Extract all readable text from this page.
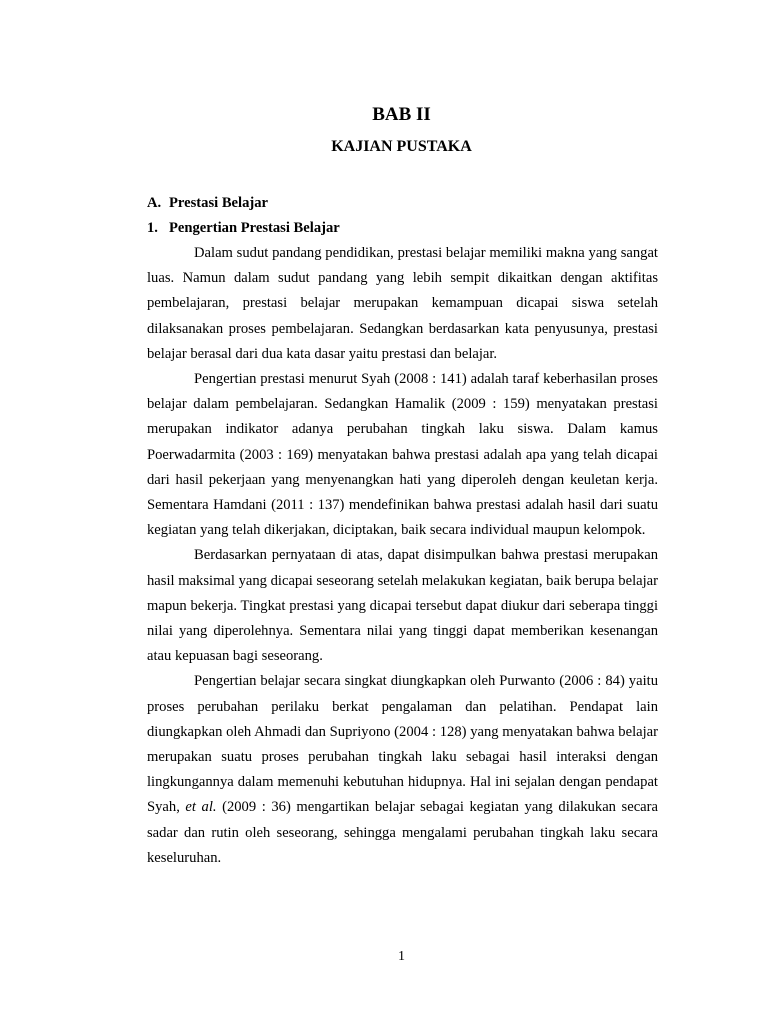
BAB II
KAJIAN PUSTAKA
A. Prestasi Belajar
1. Pengertian Prestasi Belajar

Dalam sudut pandang pendidikan, prestasi belajar memiliki makna yang sangat luas. Namun dalam sudut pandang yang lebih sempit dikaitkan dengan aktifitas pembelajaran, prestasi belajar merupakan kemampuan dicapai siswa setelah dilaksanakan proses pembelajaran. Sedangkan berdasarkan kata penyusunya, prestasi belajar berasal dari dua kata dasar yaitu prestasi dan belajar.

Pengertian prestasi menurut Syah (2008 : 141) adalah taraf keberhasilan proses belajar dalam pembelajaran. Sedangkan Hamalik (2009 : 159) menyatakan prestasi merupakan indikator adanya perubahan tingkah laku siswa. Dalam kamus Poerwadarmita (2003 : 169) menyatakan bahwa prestasi adalah apa yang telah dicapai dari hasil pekerjaan yang menyenangkan hati yang diperoleh dengan keuletan kerja. Sementara Hamdani (2011 : 137) mendefinikan bahwa prestasi adalah hasil dari suatu kegiatan yang telah dikerjakan, diciptakan, baik secara individual maupun kelompok.

Berdasarkan pernyataan di atas, dapat disimpulkan bahwa prestasi merupakan hasil maksimal yang dicapai seseorang setelah melakukan kegiatan, baik berupa belajar mapun bekerja. Tingkat prestasi yang dicapai tersebut dapat diukur dari seberapa tinggi nilai yang diperolehnya. Sementara nilai yang tinggi dapat memberikan kesenangan atau kepuasan bagi seseorang.

Pengertian belajar secara singkat diungkapkan oleh Purwanto (2006 : 84) yaitu proses perubahan perilaku berkat pengalaman dan pelatihan. Pendapat lain diungkapkan oleh Ahmadi dan Supriyono (2004 : 128) yang menyatakan bahwa belajar merupakan suatu proses perubahan tingkah laku sebagai hasil interaksi dengan lingkungannya dalam memenuhi kebutuhan hidupnya. Hal ini sejalan dengan pendapat Syah, et al. (2009 : 36) mengartikan belajar sebagai kegiatan yang dilakukan secara sadar dan rutin oleh seseorang, sehingga mengalami perubahan tingkah laku secara keseluruhan.

1
